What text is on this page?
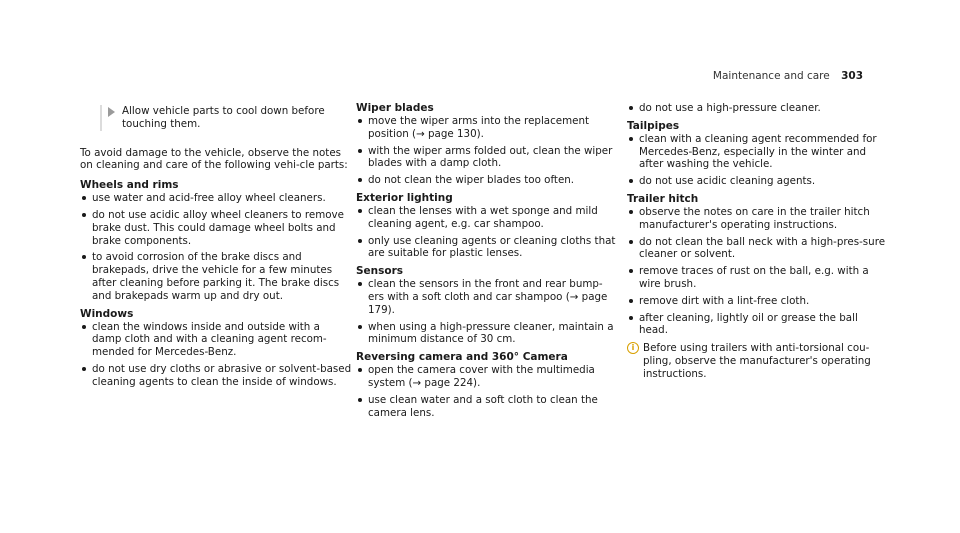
Maintenance and care 303
Allow vehicle parts to cool down before touching them.

To avoid damage to the vehicle, observe the notes on cleaning and care of the following vehi-cle parts:

Wheels and rims
use water and acid-free alloy wheel cleaners.
do not use acidic alloy wheel cleaners to remove brake dust. This could damage wheel bolts and brake components.
to avoid corrosion of the brake discs and brakepads, drive the vehicle for a few minutes after cleaning before parking it. The brake discs and brakepads warm up and dry out.
Windows
clean the windows inside and outside with a damp cloth and with a cleaning agent recom-mended for Mercedes-Benz.
do not use dry cloths or abrasive or solvent-based cleaning agents to clean the inside of windows.
Wiper blades
move the wiper arms into the replacement position (→ page 130).
with the wiper arms folded out, clean the wiper blades with a damp cloth.
do not clean the wiper blades too often.
Exterior lighting
clean the lenses with a wet sponge and mild cleaning agent, e.g. car shampoo.
only use cleaning agents or cleaning cloths that are suitable for plastic lenses.
Sensors
clean the sensors in the front and rear bump-ers with a soft cloth and car shampoo (→ page 179).
when using a high-pressure cleaner, maintain a minimum distance of 30 cm.
Reversing camera and 360° Camera
open the camera cover with the multimedia system (→ page 224).
use clean water and a soft cloth to clean the camera lens.
do not use a high-pressure cleaner.
Tailpipes
clean with a cleaning agent recommended for Mercedes-Benz, especially in the winter and after washing the vehicle.
do not use acidic cleaning agents.
Trailer hitch
observe the notes on care in the trailer hitch manufacturer's operating instructions.
do not clean the ball neck with a high-pres-sure cleaner or solvent.
remove traces of rust on the ball, e.g. with a wire brush.
remove dirt with a lint-free cloth.
after cleaning, lightly oil or grease the ball head.
i Before using trailers with anti-torsional cou-pling, observe the manufacturer's operating instructions.
